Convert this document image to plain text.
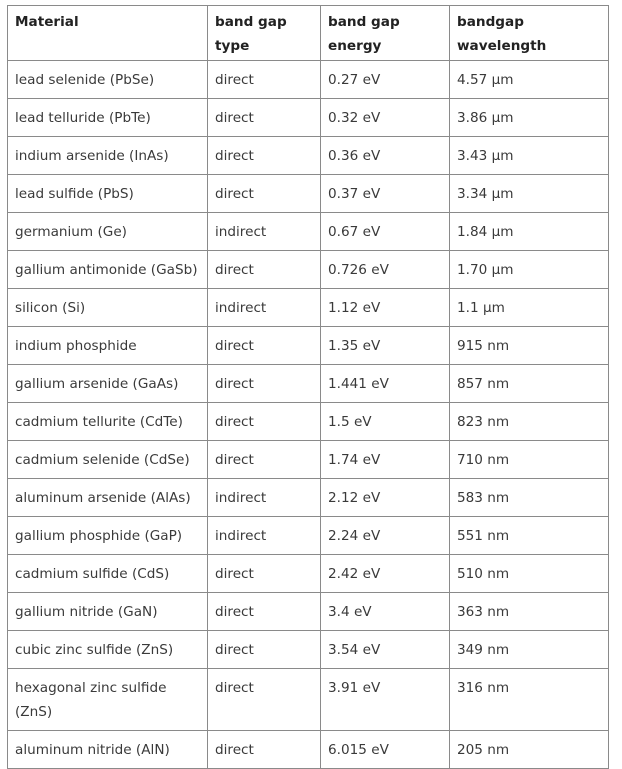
Material	band gap type	band gap energy	bandgap wavelength
lead selenide (PbSe)	direct	0.27 eV	4.57 μm
lead telluride (PbTe)	direct	0.32 eV	3.86 μm
indium arsenide (InAs)	direct	0.36 eV	3.43 μm
lead sulfide (PbS)	direct	0.37 eV	3.34 μm
germanium (Ge)	indirect	0.67 eV	1.84 μm
gallium antimonide (GaSb)	direct	0.726 eV	1.70 μm
silicon (Si)	indirect	1.12 eV	1.1 μm
indium phosphide	direct	1.35 eV	915 nm
gallium arsenide (GaAs)	direct	1.441 eV	857 nm
cadmium tellurite (CdTe)	direct	1.5 eV	823 nm
cadmium selenide (CdSe)	direct	1.74 eV	710 nm
aluminum arsenide (AlAs)	indirect	2.12 eV	583 nm
gallium phosphide (GaP)	indirect	2.24 eV	551 nm
cadmium sulfide (CdS)	direct	2.42 eV	510 nm
gallium nitride (GaN)	direct	3.4 eV	363 nm
cubic zinc sulfide (ZnS)	direct	3.54 eV	349 nm
hexagonal zinc sulfide (ZnS)	direct	3.91 eV	316 nm
aluminum nitride (AlN)	direct	6.015 eV	205 nm
